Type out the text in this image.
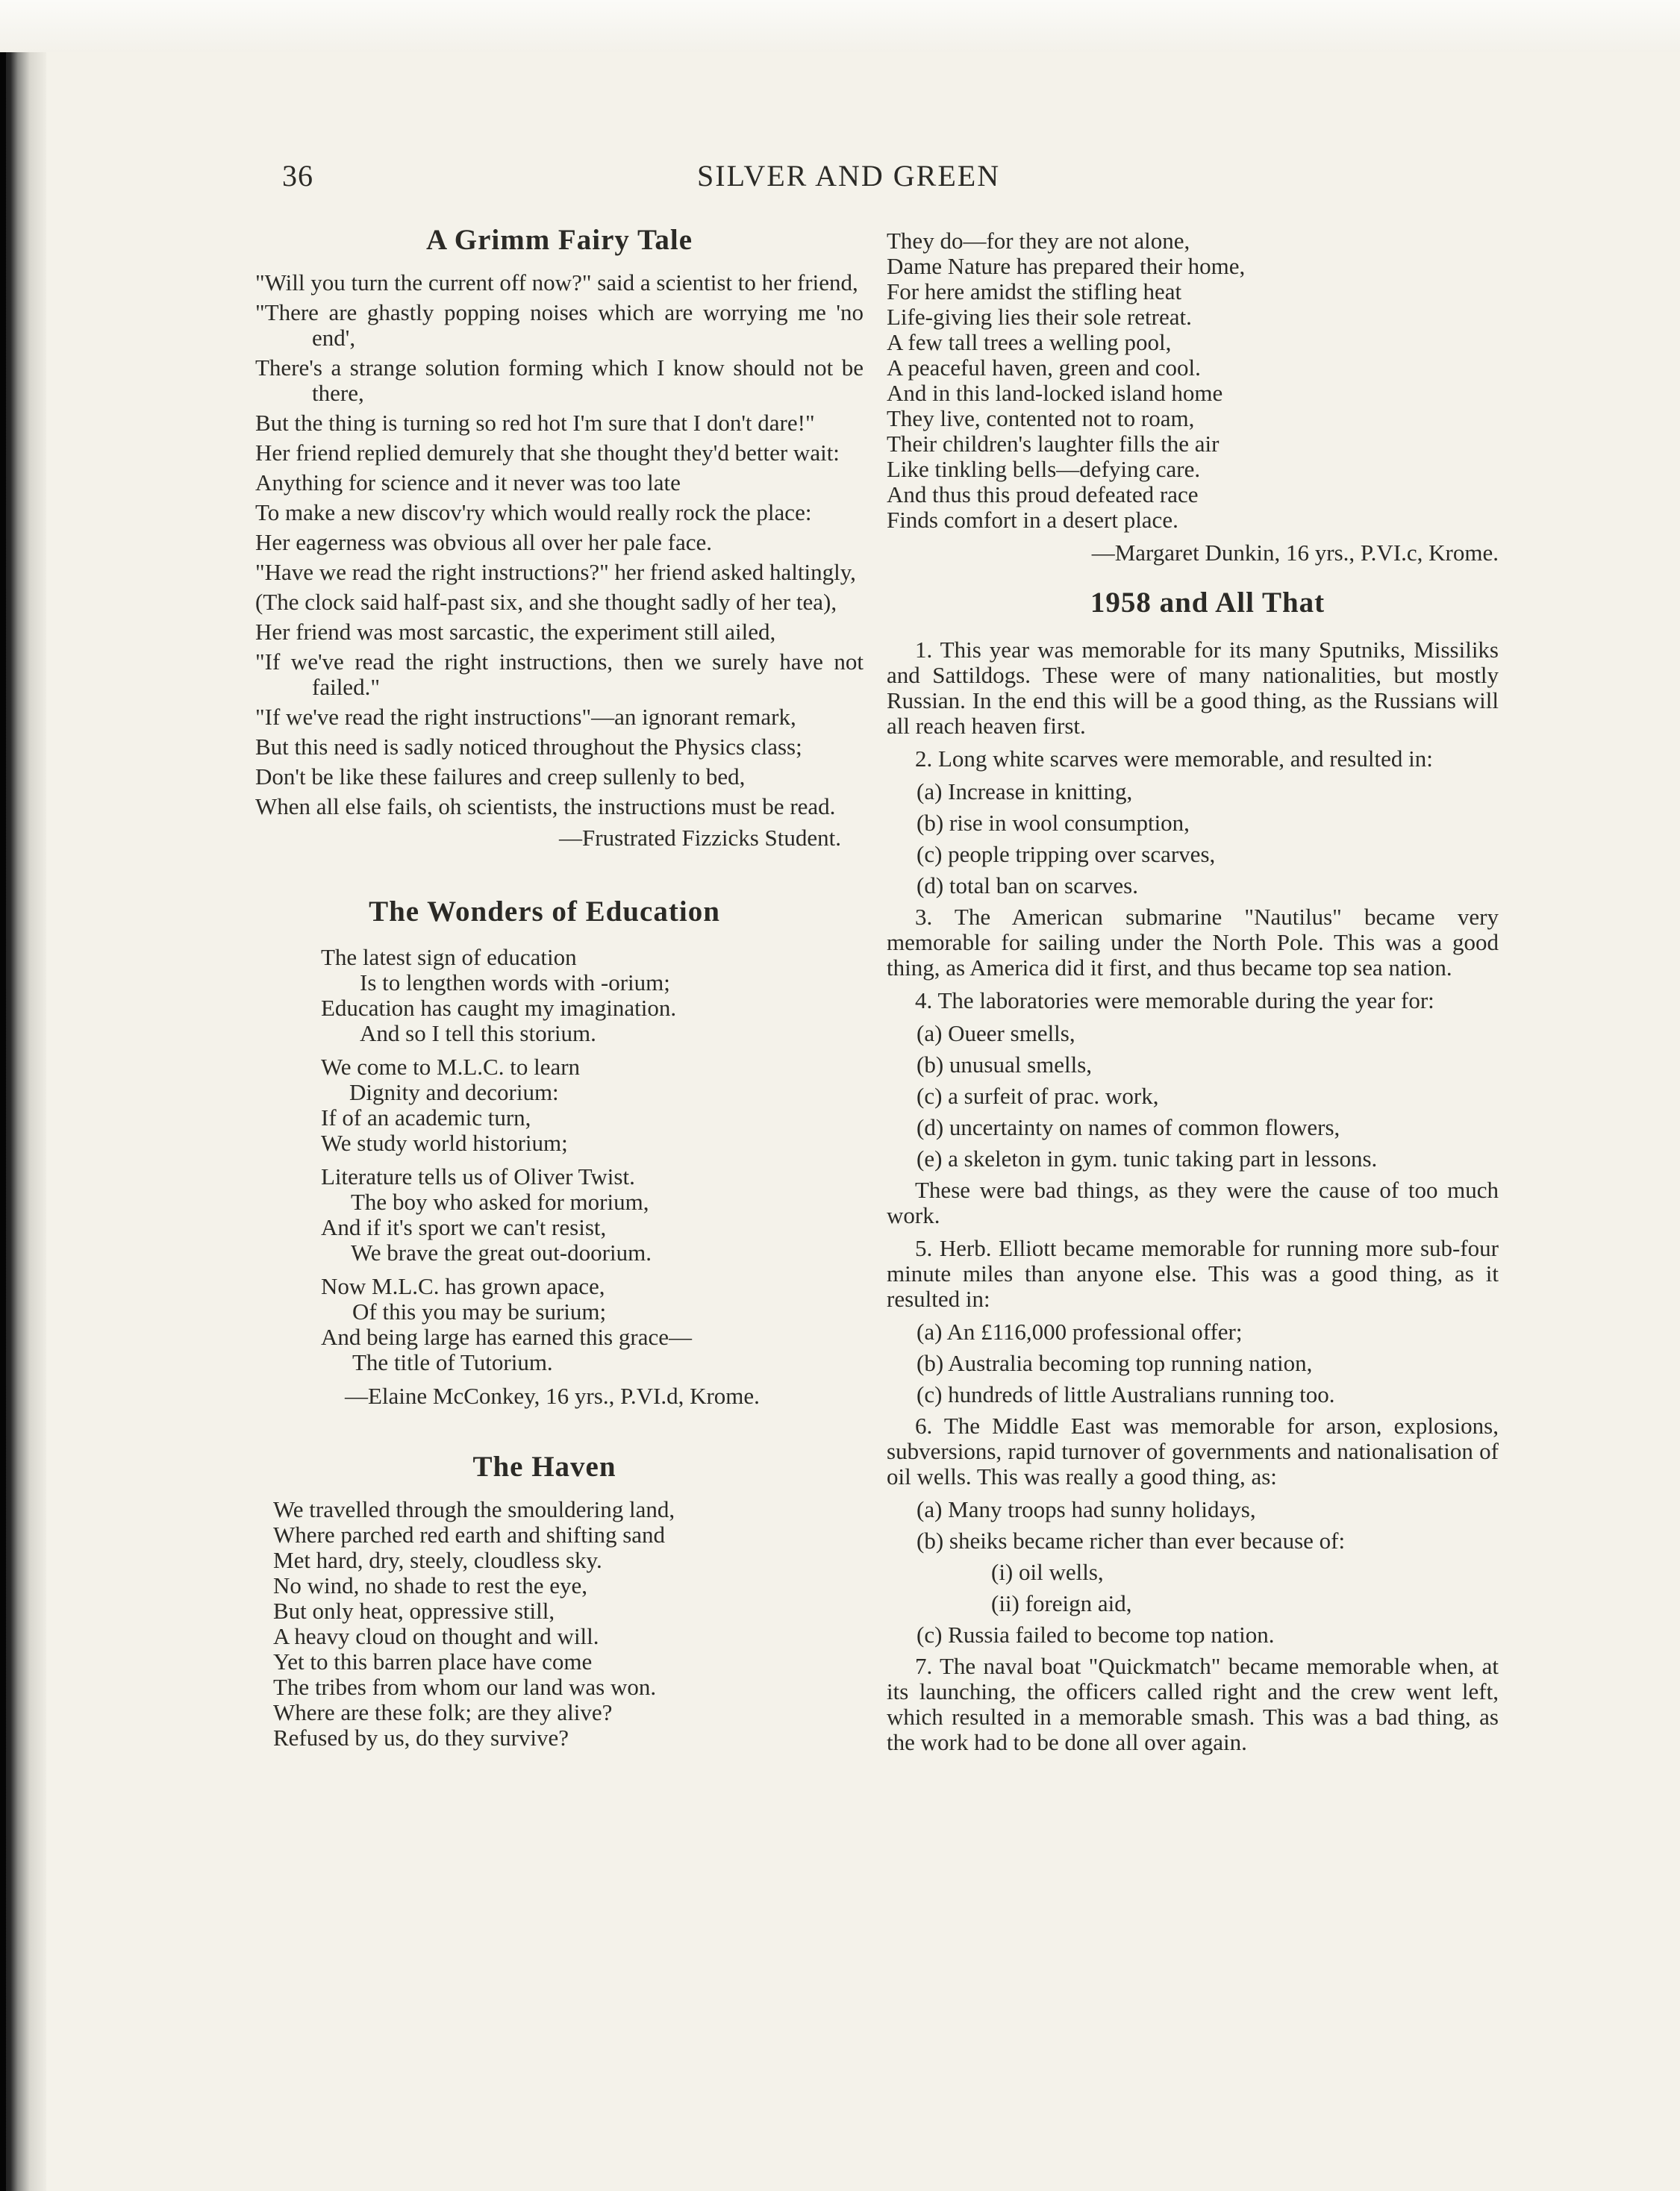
36	SILVER AND GREEN
A Grimm Fairy Tale
"Will you turn the current off now?" said a scientist to her friend,
"There are ghastly popping noises which are worrying me 'no end',
There's a strange solution forming which I know should not be there,
But the thing is turning so red hot I'm sure that I don't dare!"
Her friend replied demurely that she thought they'd better wait:
Anything for science and it never was too late
To make a new discov'ry which would really rock the place:
Her eagerness was obvious all over her pale face.
"Have we read the right instructions?" her friend asked haltingly,
(The clock said half-past six, and she thought sadly of her tea),
Her friend was most sarcastic, the experiment still ailed,
"If we've read the right instructions, then we surely have not failed."
"If we've read the right instructions"—an ignorant remark,
But this need is sadly noticed throughout the Physics class;
Don't be like these failures and creep sullenly to bed,
When all else fails, oh scientists, the instructions must be read.
—Frustrated Fizzicks Student.
The Wonders of Education
The latest sign of education
Is to lengthen words with -orium;
Education has caught my imagination.
And so I tell this storium.
We come to M.L.C. to learn
Dignity and decorium:
If of an academic turn,
We study world historium;
Literature tells us of Oliver Twist.
The boy who asked for morium,
And if it's sport we can't resist,
We brave the great out-doorium.
Now M.L.C. has grown apace,
Of this you may be surium;
And being large has earned this grace—
The title of Tutorium.
—Elaine McConkey, 16 yrs., P.VI.d, Krome.
The Haven
We travelled through the smouldering land,
Where parched red earth and shifting sand
Met hard, dry, steely, cloudless sky.
No wind, no shade to rest the eye,
But only heat, oppressive still,
A heavy cloud on thought and will.
Yet to this barren place have come
The tribes from whom our land was won.
Where are these folk; are they alive?
Refused by us, do they survive?
They do—for they are not alone,
Dame Nature has prepared their home,
For here amidst the stifling heat
Life-giving lies their sole retreat.
A few tall trees a welling pool,
A peaceful haven, green and cool.
And in this land-locked island home
They live, contented not to roam,
Their children's laughter fills the air
Like tinkling bells—defying care.
And thus this proud defeated race
Finds comfort in a desert place.
—Margaret Dunkin, 16 yrs., P.VI.c, Krome.
1958 and All That
1. This year was memorable for its many Sputniks, Missiliks and Sattildogs. These were of many nationalities, but mostly Russian. In the end this will be a good thing, as the Russians will all reach heaven first.
2. Long white scarves were memorable, and resulted in:
(a) Increase in knitting,
(b) rise in wool consumption,
(c) people tripping over scarves,
(d) total ban on scarves.
3. The American submarine "Nautilus" became very memorable for sailing under the North Pole. This was a good thing, as America did it first, and thus became top sea nation.
4. The laboratories were memorable during the year for:
(a) Oueer smells,
(b) unusual smells,
(c) a surfeit of prac. work,
(d) uncertainty on names of common flowers,
(e) a skeleton in gym. tunic taking part in lessons.
These were bad things, as they were the cause of too much work.
5. Herb. Elliott became memorable for running more sub-four minute miles than anyone else. This was a good thing, as it resulted in:
(a) An £116,000 professional offer;
(b) Australia becoming top running nation,
(c) hundreds of little Australians running too.
6. The Middle East was memorable for arson, explosions, subversions, rapid turnover of governments and nationalisation of oil wells. This was really a good thing, as:
(a) Many troops had sunny holidays,
(b) sheiks became richer than ever because of:
(i) oil wells,
(ii) foreign aid,
(c) Russia failed to become top nation.
7. The naval boat "Quickmatch" became memorable when, at its launching, the officers called right and the crew went left, which resulted in a memorable smash. This was a bad thing, as the work had to be done all over again.
